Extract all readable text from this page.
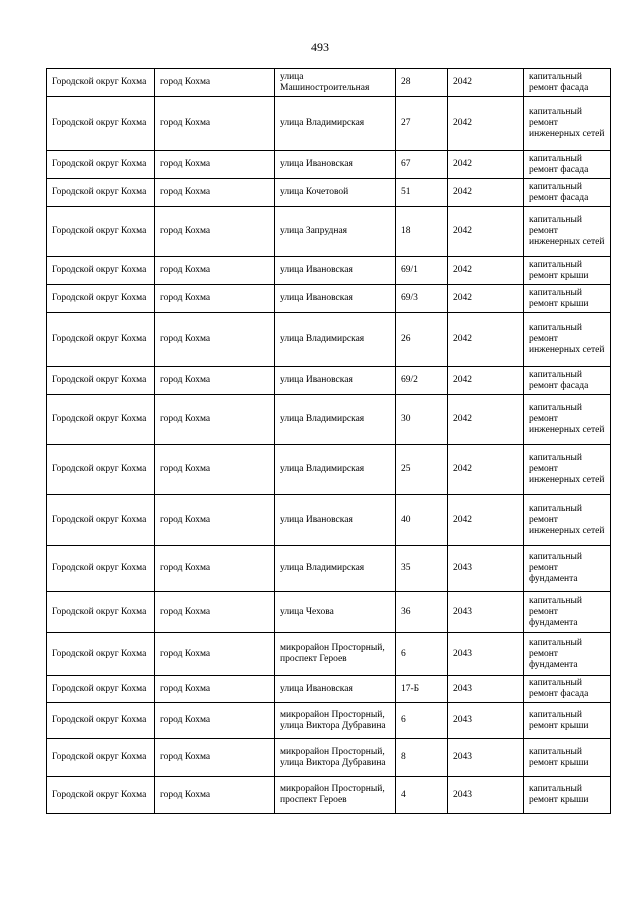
493
Городской округ Кохма	город Кохма	улица Машиностроительная	28	2042	капитальный ремонт фасада
Городской округ Кохма	город Кохма	улица Владимирская	27	2042	капитальный ремонт инженерных сетей
Городской округ Кохма	город Кохма	улица Ивановская	67	2042	капитальный ремонт фасада
Городской округ Кохма	город Кохма	улица Кочетовой	51	2042	капитальный ремонт фасада
Городской округ Кохма	город Кохма	улица Запрудная	18	2042	капитальный ремонт инженерных сетей
Городской округ Кохма	город Кохма	улица Ивановская	69/1	2042	капитальный ремонт крыши
Городской округ Кохма	город Кохма	улица Ивановская	69/3	2042	капитальный ремонт крыши
Городской округ Кохма	город Кохма	улица Владимирская	26	2042	капитальный ремонт инженерных сетей
Городской округ Кохма	город Кохма	улица Ивановская	69/2	2042	капитальный ремонт фасада
Городской округ Кохма	город Кохма	улица Владимирская	30	2042	капитальный ремонт инженерных сетей
Городской округ Кохма	город Кохма	улица Владимирская	25	2042	капитальный ремонт инженерных сетей
Городской округ Кохма	город Кохма	улица Ивановская	40	2042	капитальный ремонт инженерных сетей
Городской округ Кохма	город Кохма	улица Владимирская	35	2043	капитальный ремонт фундамента
Городской округ Кохма	город Кохма	улица Чехова	36	2043	капитальный ремонт фундамента
Городской округ Кохма	город Кохма	микрорайон Просторный, проспект Героев	6	2043	капитальный ремонт фундамента
Городской округ Кохма	город Кохма	улица Ивановская	17-Б	2043	капитальный ремонт фасада
Городской округ Кохма	город Кохма	микрорайон Просторный, улица Виктора Дубравина	6	2043	капитальный ремонт крыши
Городской округ Кохма	город Кохма	микрорайон Просторный, улица Виктора Дубравина	8	2043	капитальный ремонт крыши
Городской округ Кохма	город Кохма	микрорайон Просторный, проспект Героев	4	2043	капитальный ремонт крыши
